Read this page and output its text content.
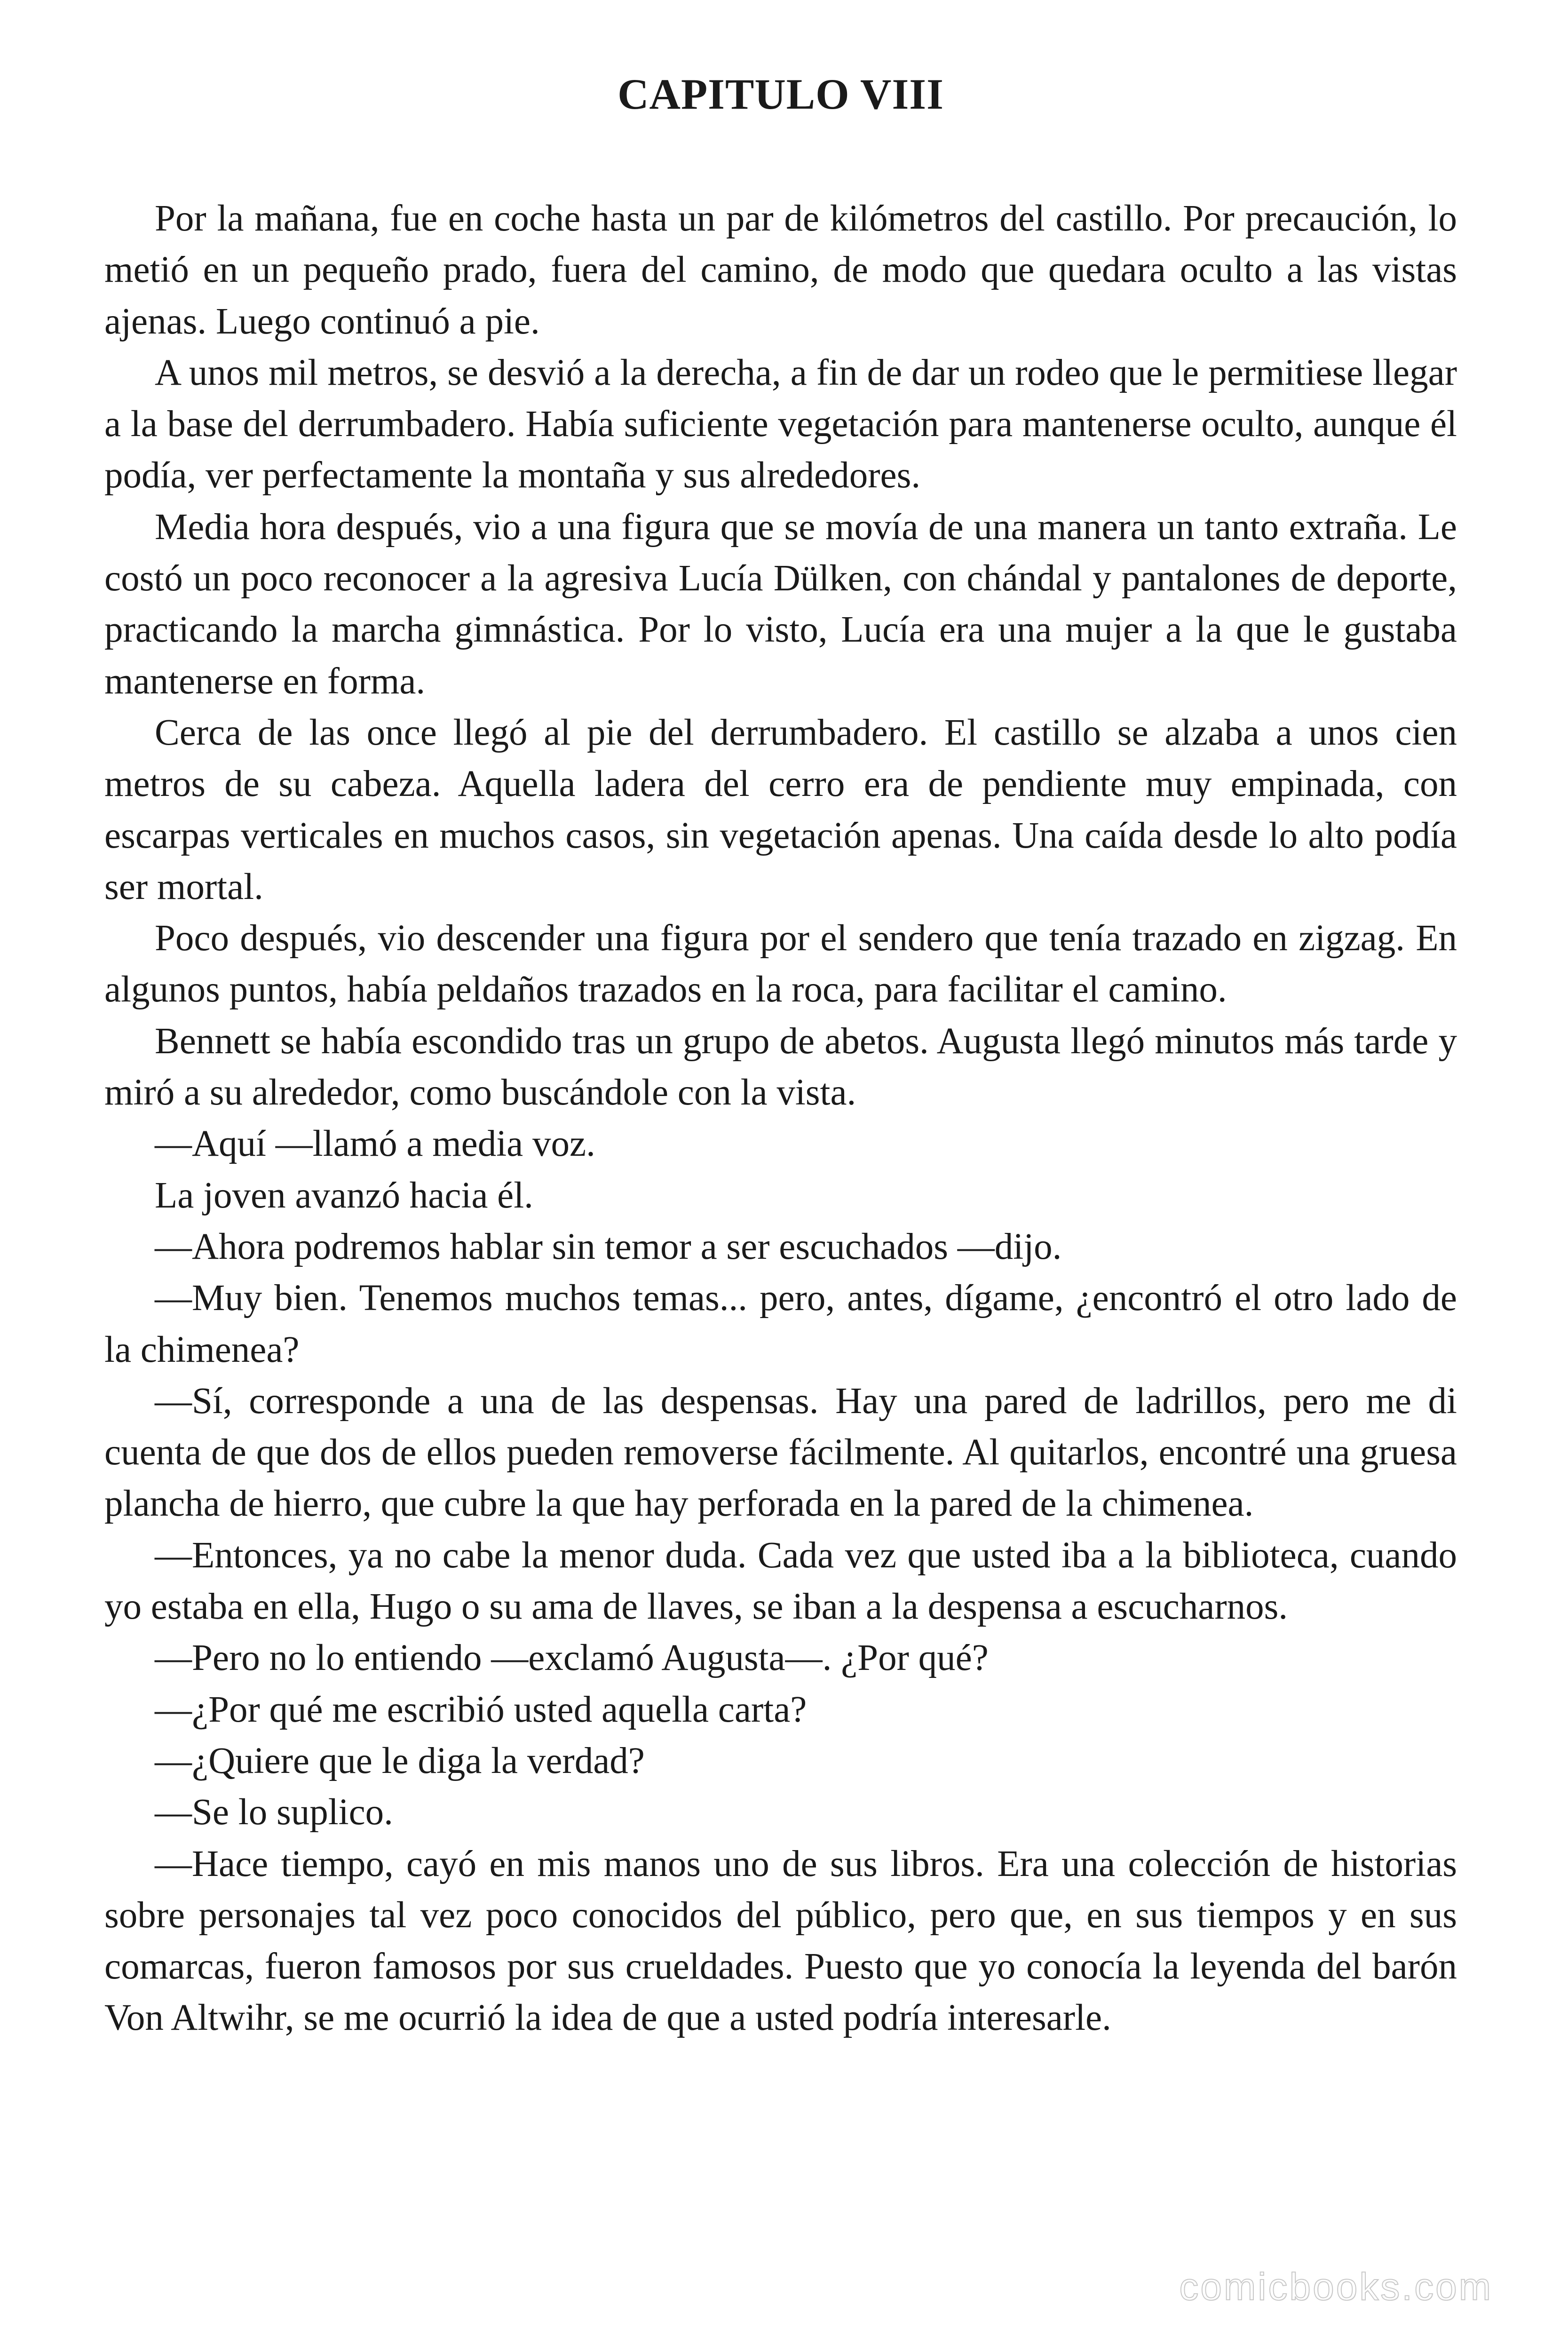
CAPITULO VIII

Por la mañana, fue en coche hasta un par de kilómetros del castillo. Por precaución, lo metió en un pequeño prado, fuera del camino, de modo que quedara oculto a las vistas ajenas. Luego continuó a pie.

A unos mil metros, se desvió a la derecha, a fin de dar un rodeo que le permitiese llegar a la base del derrumbadero. Había suficiente vegetación para mantenerse oculto, aunque él podía, ver perfectamente la montaña y sus alrededores.

Media hora después, vio a una figura que se movía de una manera un tanto extraña. Le costó un poco reconocer a la agresiva Lucía Dülken, con chándal y pantalones de deporte, practicando la marcha gimnástica. Por lo visto, Lucía era una mujer a la que le gustaba mantenerse en forma.

Cerca de las once llegó al pie del derrumbadero. El castillo se alzaba a unos cien metros de su cabeza. Aquella ladera del cerro era de pendiente muy empinada, con escarpas verticales en muchos casos, sin vegetación apenas. Una caída desde lo alto podía ser mortal.

Poco después, vio descender una figura por el sendero que tenía trazado en zigzag. En algunos puntos, había peldaños trazados en la roca, para facilitar el camino.

Bennett se había escondido tras un grupo de abetos. Augusta llegó minutos más tarde y miró a su alrededor, como buscándole con la vista.

—Aquí —llamó a media voz.

La joven avanzó hacia él.

—Ahora podremos hablar sin temor a ser escuchados —dijo.

—Muy bien. Tenemos muchos temas... pero, antes, dígame, ¿encontró el otro lado de la chimenea?

—Sí, corresponde a una de las despensas. Hay una pared de ladrillos, pero me di cuenta de que dos de ellos pueden removerse fácilmente. Al quitarlos, encontré una gruesa plancha de hierro, que cubre la que hay perforada en la pared de la chimenea.

—Entonces, ya no cabe la menor duda. Cada vez que usted iba a la biblioteca, cuando yo estaba en ella, Hugo o su ama de llaves, se iban a la despensa a escucharnos.

—Pero no lo entiendo —exclamó Augusta—. ¿Por qué?

—¿Por qué me escribió usted aquella carta?

—¿Quiere que le diga la verdad?

—Se lo suplico.

—Hace tiempo, cayó en mis manos uno de sus libros. Era una colección de historias sobre personajes tal vez poco conocidos del público, pero que, en sus tiempos y en sus comarcas, fueron famosos por sus crueldades. Puesto que yo conocía la leyenda del barón Von Altwihr, se me ocurrió la idea de que a usted podría interesarle.

comicbooks.com
